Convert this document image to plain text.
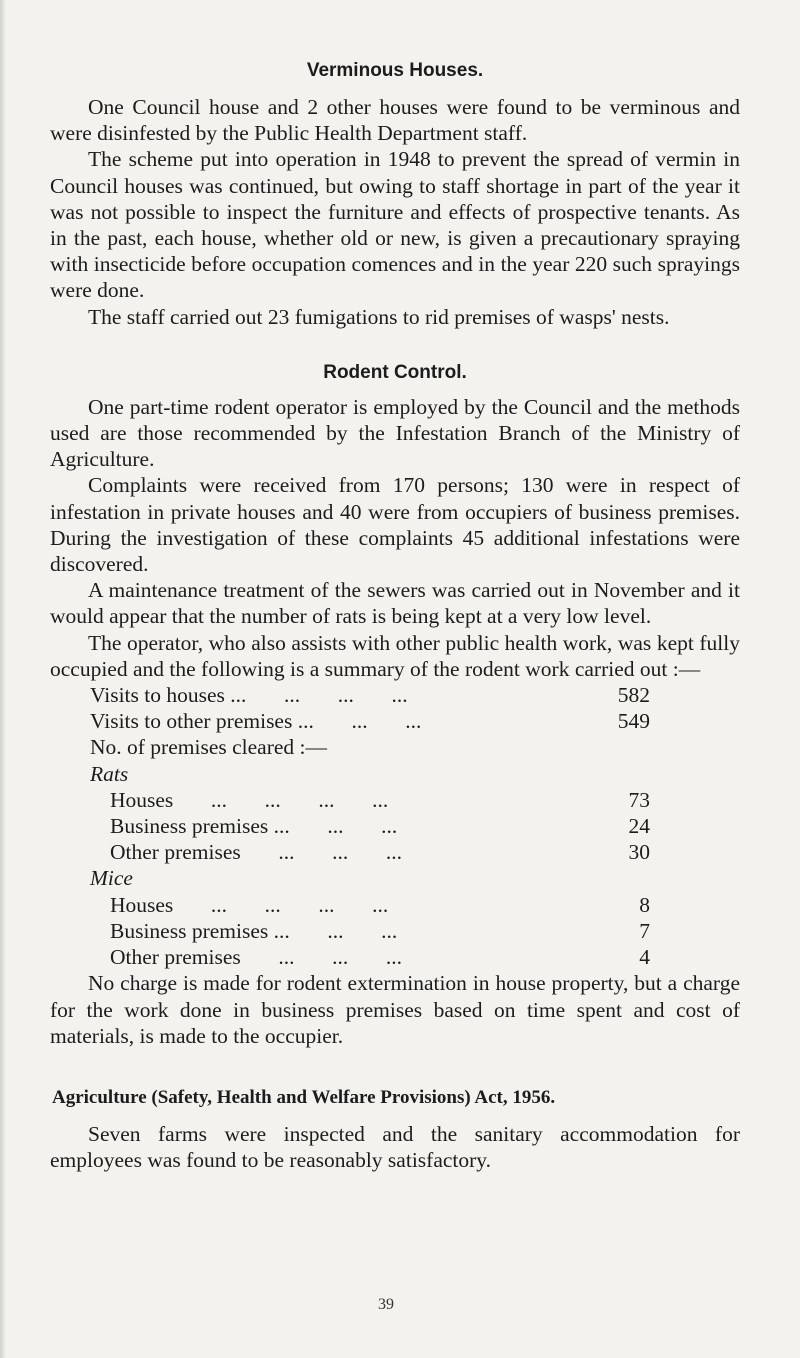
Verminous Houses.

One Council house and 2 other houses were found to be verminous and were disinfested by the Public Health Department staff.

The scheme put into operation in 1948 to prevent the spread of vermin in Council houses was continued, but owing to staff shortage in part of the year it was not possible to inspect the furniture and effects of prospective tenants. As in the past, each house, whether old or new, is given a precautionary spraying with insecticide before occupation comences and in the year 220 such sprayings were done.

The staff carried out 23 fumigations to rid premises of wasps' nests.

Rodent Control.

One part-time rodent operator is employed by the Council and the methods used are those recommended by the Infestation Branch of the Ministry of Agriculture.

Complaints were received from 170 persons; 130 were in respect of infestation in private houses and 40 were from occupiers of business premises. During the investigation of these complaints 45 additional infestations were discovered.

A maintenance treatment of the sewers was carried out in November and it would appear that the number of rats is being kept at a very low level.

The operator, who also assists with other public health work, was kept fully occupied and the following is a summary of the rodent work carried out :—

Visits to houses ...       ...       ...       ...	582
Visits to other premises ...       ...       ...	549
No. of premises cleared :—
Rats
Houses       ...       ...       ...       ...	73
Business premises ...       ...       ...	24
Other premises       ...       ...       ...	30
Mice
Houses       ...       ...       ...       ...	8
Business premises ...       ...       ...	7
Other premises       ...       ...       ...	4

No charge is made for rodent extermination in house property, but a charge for the work done in business premises based on time spent and cost of materials, is made to the occupier.

Agriculture (Safety, Health and Welfare Provisions) Act, 1956.

Seven farms were inspected and the sanitary accommodation for employees was found to be reasonably satisfactory.

39
